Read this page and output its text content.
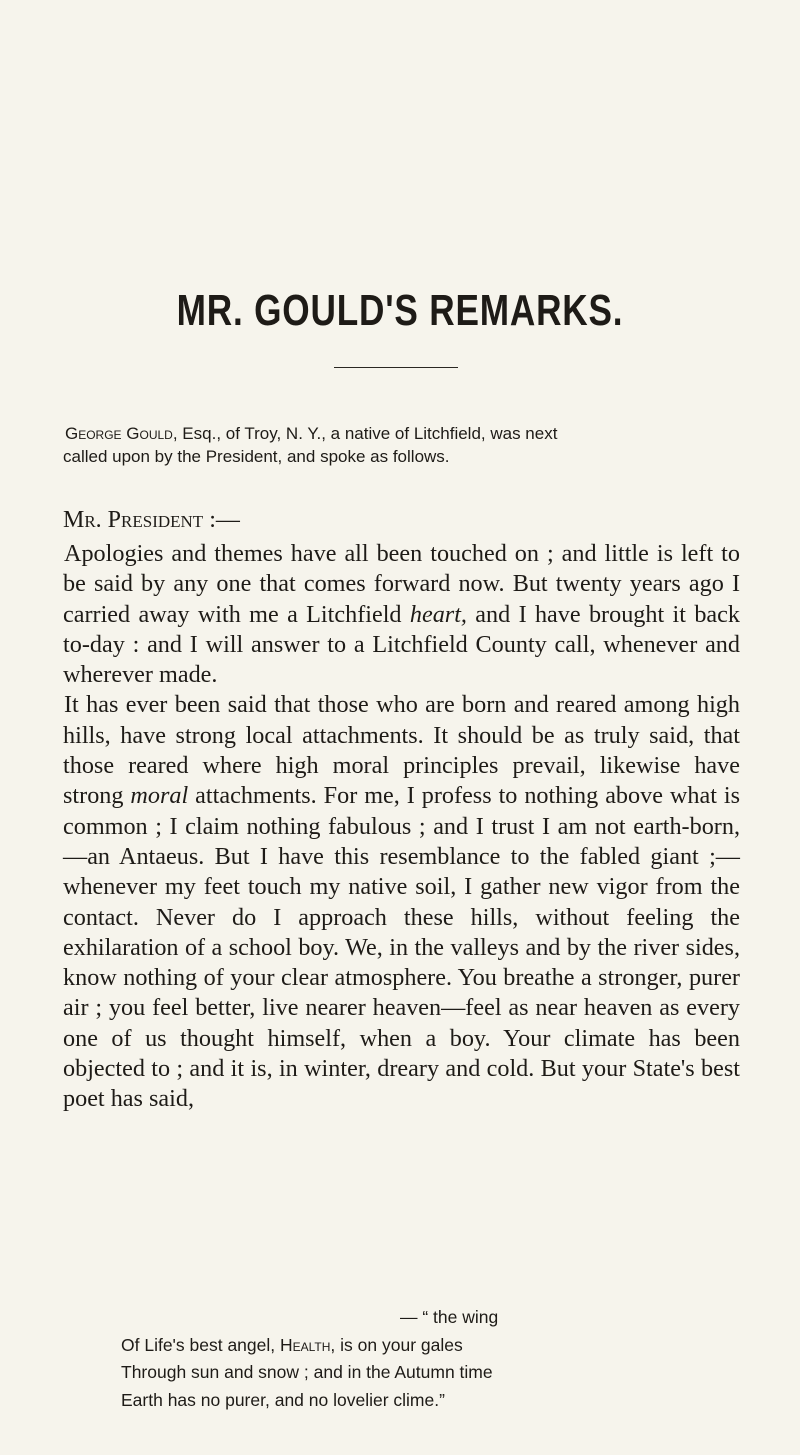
MR. GOULD'S REMARKS.

George Gould, Esq., of Troy, N. Y., a native of Litchfield, was next
called upon by the President, and spoke as follows.

Mr. President :—

Apologies and themes have all been touched on ; and little is left to be said by any one that comes forward now. But twenty years ago I carried away with me a Litchfield heart, and I have brought it back to-day : and I will answer to a Litchfield County call, whenever and wherever made.

It has ever been said that those who are born and reared among high hills, have strong local attachments. It should be as truly said, that those reared where high moral principles prevail, likewise have strong moral attachments. For me, I profess to nothing above what is common ; I claim nothing fabulous ; and I trust I am not earth-born,—an Antaeus. But I have this resemblance to the fabled giant ;—whenever my feet touch my native soil, I gather new vigor from the contact. Never do I approach these hills, without feeling the exhilaration of a school boy. We, in the valleys and by the river sides, know nothing of your clear atmosphere. You breathe a stronger, purer air ; you feel better, live nearer heaven—feel as near heaven as every one of us thought himself, when a boy. Your climate has been objected to ; and it is, in winter, dreary and cold. But your State's best poet has said,

— “ the wing
Of Life's best angel, Health, is on your gales
Through sun and snow ; and in the Autumn time
Earth has no purer, and no lovelier clime.”
